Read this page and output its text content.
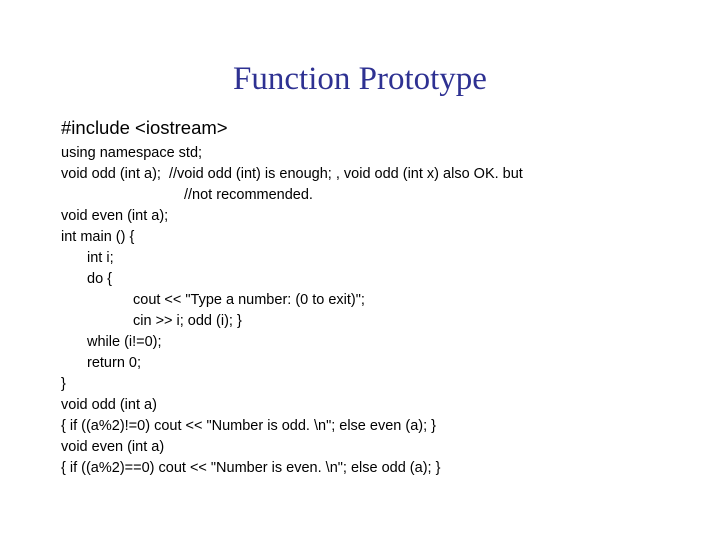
Function Prototype
#include <iostream>
using namespace std;
void odd (int a);  //void odd (int) is enough; , void odd (int x) also OK. but
//not recommended.
void even (int a);
int main () {
int i;
do {
cout << "Type a number: (0 to exit)";
cin >> i; odd (i); }
while (i!=0);
return 0;
}
void odd (int a)
{ if ((a%2)!=0) cout << "Number is odd. \n"; else even (a); }
void even (int a)
{ if ((a%2)==0) cout << "Number is even. \n"; else odd (a); }
